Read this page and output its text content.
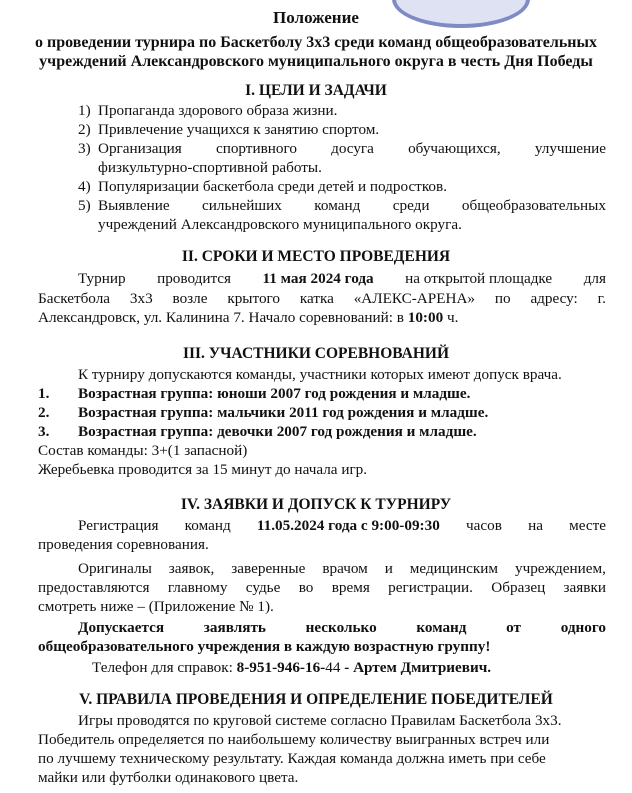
Положение
о проведении турнира по Баскетболу 3х3 среди команд общеобразовательных
учреждений Александровского муниципального округа в честь Дня Победы
I. ЦЕЛИ И ЗАДАЧИ
1) Пропаганда здорового образа жизни.
2) Привлечение учащихся к занятию спортом.
3) Организация спортивного досуга обучающихся, улучшение
физкультурно-спортивной работы.
4) Популяризации баскетбола среди детей и подростков.
5) Выявление сильнейших команд среди общеобразовательных
учреждений Александровского муниципального округа.
II. СРОКИ И МЕСТО ПРОВЕДЕНИЯ
Турнир проводится 11 мая 2024 года на открытой площадке для
Баскетбола 3х3 возле крытого катка «АЛЕКС-АРЕНА» по адресу: г.
Александровск, ул. Калинина 7. Начало соревнований: в 10:00 ч.
III. УЧАСТНИКИ СОРЕВНОВАНИЙ
К турниру допускаются команды, участники которых имеют допуск врача.
1. Возрастная группа: юноши 2007 год рождения и младше.
2. Возрастная группа: мальчики 2011 год рождения и младше.
3. Возрастная группа: девочки 2007 год рождения и младше.
Состав команды: 3+(1 запасной)
Жеребьевка проводится за 15 минут до начала игр.
IV. ЗАЯВКИ И ДОПУСК К ТУРНИРУ
Регистрация команд 11.05.2024 года с 9:00-09:30 часов на месте
проведения соревнования.
Оригиналы заявок, заверенные врачом и медицинским учреждением,
предоставляются главному судье во время регистрации. Образец заявки
смотреть ниже – (Приложение № 1).
Допускается	заявлять	несколько	команд	от	одного
общеобразовательного учреждения в каждую возрастную группу!
Телефон для справок: 8-951-946-16-44 - Артем Дмитриевич.
V. ПРАВИЛА ПРОВЕДЕНИЯ И ОПРЕДЕЛЕНИЕ ПОБЕДИТЕЛЕЙ
Игры проводятся по круговой системе согласно Правилам Баскетбола 3х3.
Победитель определяется по наибольшему количеству выигранных встреч или
по лучшему техническому результату. Каждая команда должна иметь при себе
майки или футболки одинакового цвета.
